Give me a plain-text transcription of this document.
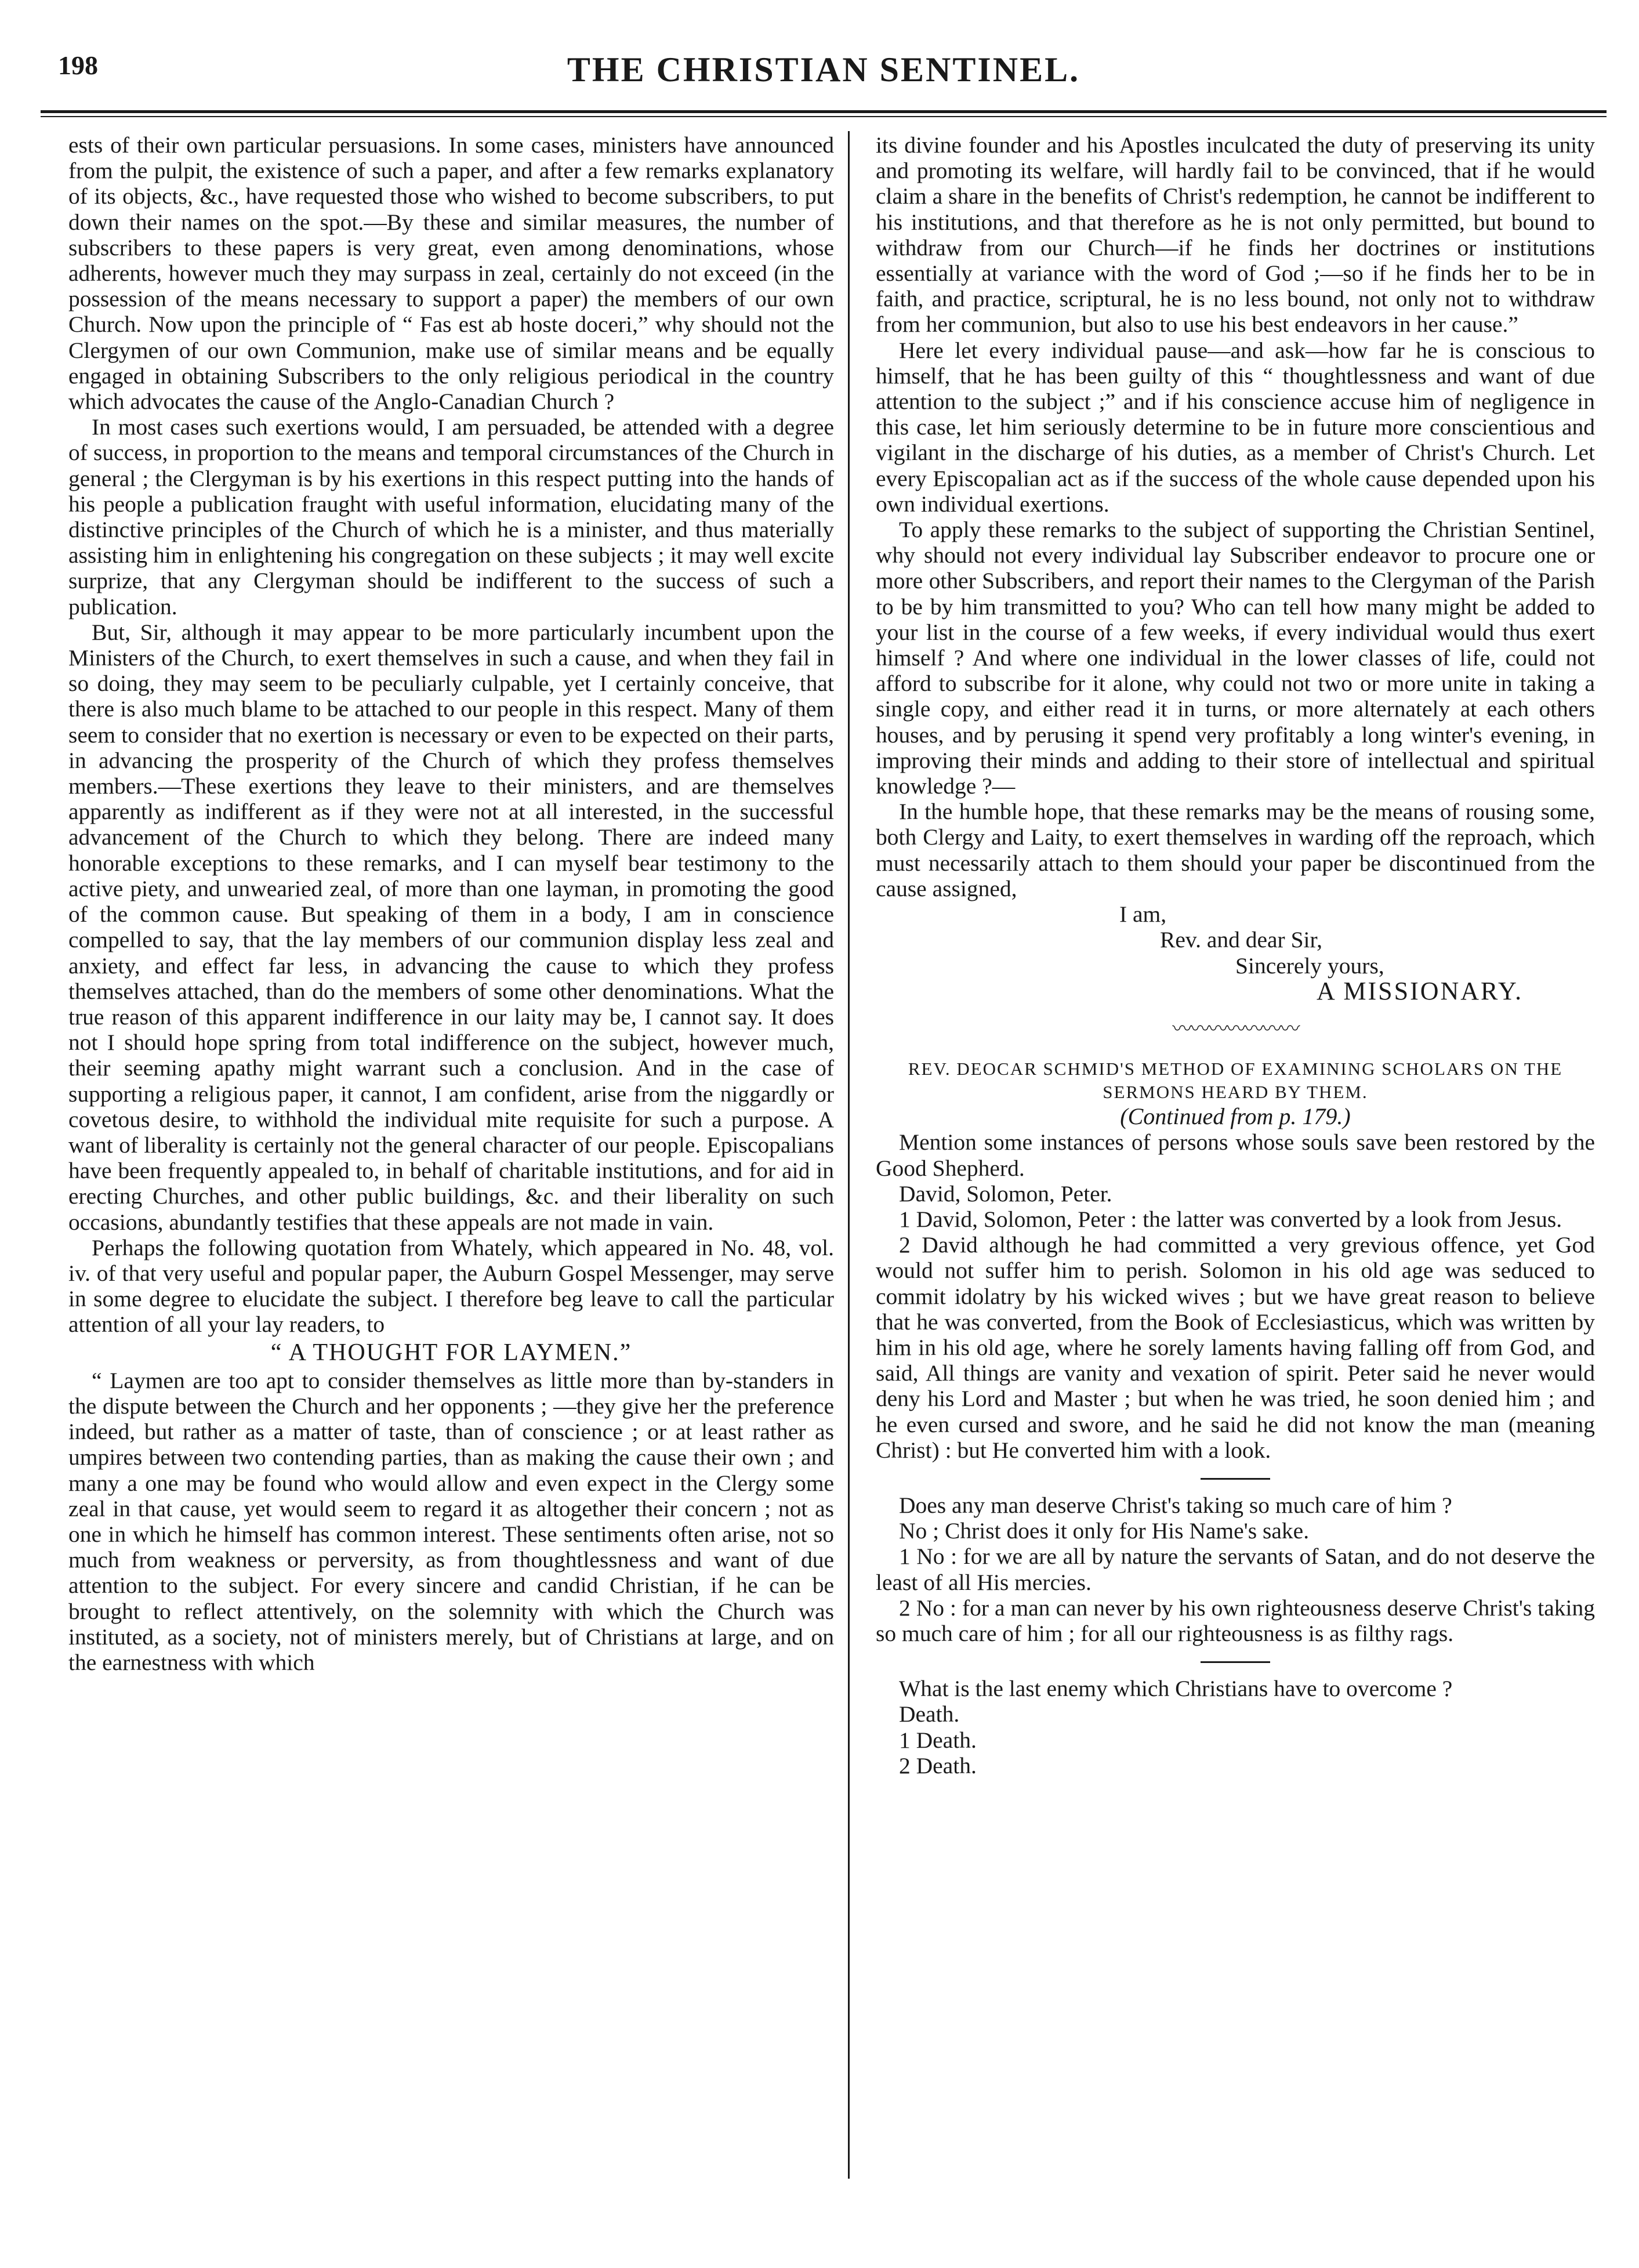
198	THE CHRISTIAN SENTINEL.

ests of their own particular persuasions. In some cases, ministers have announced from the pulpit, the existence of such a paper, and after a few remarks explanatory of its objects, &c., have requested those who wished to become subscribers, to put down their names on the spot.—By these and similar measures, the number of subscribers to these papers is very great, even among denominations, whose adherents, however much they may surpass in zeal, certainly do not exceed (in the possession of the means necessary to support a paper) the members of our own Church. Now upon the principle of “ Fas est ab hoste doceri,” why should not the Clergymen of our own Communion, make use of similar means and be equally engaged in obtaining Subscribers to the only religious periodical in the country which advocates the cause of the Anglo-Canadian Church ?

In most cases such exertions would, I am persuaded, be attended with a degree of success, in proportion to the means and temporal circumstances of the Church in general ; the Clergyman is by his exertions in this respect putting into the hands of his people a publication fraught with useful information, elucidating many of the distinctive principles of the Church of which he is a minister, and thus materially assisting him in enlightening his congregation on these subjects ; it may well excite surprize, that any Clergyman should be indifferent to the success of such a publication.

But, Sir, although it may appear to be more particularly incumbent upon the Ministers of the Church, to exert themselves in such a cause, and when they fail in so doing, they may seem to be peculiarly culpable, yet I certainly conceive, that there is also much blame to be attached to our people in this respect. Many of them seem to consider that no exertion is necessary or even to be expected on their parts, in advancing the prosperity of the Church of which they profess themselves members.—These exertions they leave to their ministers, and are themselves apparently as indifferent as if they were not at all interested, in the successful advancement of the Church to which they belong. There are indeed many honorable exceptions to these remarks, and I can myself bear testimony to the active piety, and unwearied zeal, of more than one layman, in promoting the good of the common cause. But speaking of them in a body, I am in conscience compelled to say, that the lay members of our communion display less zeal and anxiety, and effect far less, in advancing the cause to which they profess themselves attached, than do the members of some other denominations. What the true reason of this apparent indifference in our laity may be, I cannot say. It does not I should hope spring from total indifference on the subject, however much, their seeming apathy might warrant such a conclusion. And in the case of supporting a religious paper, it cannot, I am confident, arise from the niggardly or covetous desire, to withhold the individual mite requisite for such a purpose. A want of liberality is certainly not the general character of our people. Episcopalians have been frequently appealed to, in behalf of charitable institutions, and for aid in erecting Churches, and other public buildings, &c. and their liberality on such occasions, abundantly testifies that these appeals are not made in vain.

Perhaps the following quotation from Whately, which appeared in No. 48, vol. iv. of that very useful and popular paper, the Auburn Gospel Messenger, may serve in some degree to elucidate the subject. I therefore beg leave to call the particular attention of all your lay readers, to

“ A THOUGHT FOR LAYMEN.”

“ Laymen are too apt to consider themselves as little more than by-standers in the dispute between the Church and her opponents ; —they give her the preference indeed, but rather as a matter of taste, than of conscience ; or at least rather as umpires between two contending parties, than as making the cause their own ; and many a one may be found who would allow and even expect in the Clergy some zeal in that cause, yet would seem to regard it as altogether their concern ; not as one in which he himself has common interest. These sentiments often arise, not so much from weakness or perversity, as from thoughtlessness and want of due attention to the subject. For every sincere and candid Christian, if he can be brought to reflect attentively, on the solemnity with which the Church was instituted, as a society, not of ministers merely, but of Christians at large, and on the earnestness with which

its divine founder and his Apostles inculcated the duty of preserving its unity and promoting its welfare, will hardly fail to be convinced, that if he would claim a share in the benefits of Christ's redemption, he cannot be indifferent to his institutions, and that therefore as he is not only permitted, but bound to withdraw from our Church—if he finds her doctrines or institutions essentially at variance with the word of God ;—so if he finds her to be in faith, and practice, scriptural, he is no less bound, not only not to withdraw from her communion, but also to use his best endeavors in her cause.”

Here let every individual pause—and ask—how far he is conscious to himself, that he has been guilty of this “ thoughtlessness and want of due attention to the subject ;” and if his conscience accuse him of negligence in this case, let him seriously determine to be in future more conscientious and vigilant in the discharge of his duties, as a member of Christ's Church. Let every Episcopalian act as if the success of the whole cause depended upon his own individual exertions.

To apply these remarks to the subject of supporting the Christian Sentinel, why should not every individual lay Subscriber endeavor to procure one or more other Subscribers, and report their names to the Clergyman of the Parish to be by him transmitted to you? Who can tell how many might be added to your list in the course of a few weeks, if every individual would thus exert himself ? And where one individual in the lower classes of life, could not afford to subscribe for it alone, why could not two or more unite in taking a single copy, and either read it in turns, or more alternately at each others houses, and by perusing it spend very profitably a long winter's evening, in improving their minds and adding to their store of intellectual and spiritual knowledge ?—

In the humble hope, that these remarks may be the means of rousing some, both Clergy and Laity, to exert themselves in warding off the reproach, which must necessarily attach to them should your paper be discontinued from the cause assigned,

I am,

Rev. and dear Sir,

Sincerely yours,

A MISSIONARY.

〰〰〰〰〰〰〰

REV. DEOCAR SCHMID'S METHOD OF EXAMINING SCHOLARS ON THE

SERMONS HEARD BY THEM.

(Continued from p. 179.)

Mention some instances of persons whose souls save been restored by the Good Shepherd.

David, Solomon, Peter.

1 David, Solomon, Peter : the latter was converted by a look from Jesus.

2 David although he had committed a very grevious offence, yet God would not suffer him to perish. Solomon in his old age was seduced to commit idolatry by his wicked wives ; but we have great reason to believe that he was converted, from the Book of Ecclesiasticus, which was written by him in his old age, where he sorely laments having falling off from God, and said, All things are vanity and vexation of spirit. Peter said he never would deny his Lord and Master ; but when he was tried, he soon denied him ; and he even cursed and swore, and he said he did not know the man (meaning Christ) : but He converted him with a look.

Does any man deserve Christ's taking so much care of him ?

No ; Christ does it only for His Name's sake.

1 No : for we are all by nature the servants of Satan, and do not deserve the least of all His mercies.

2 No : for a man can never by his own righteousness deserve Christ's taking so much care of him ; for all our righteousness is as filthy rags.

What is the last enemy which Christians have to overcome ?

Death.

1 Death.

2 Death.
